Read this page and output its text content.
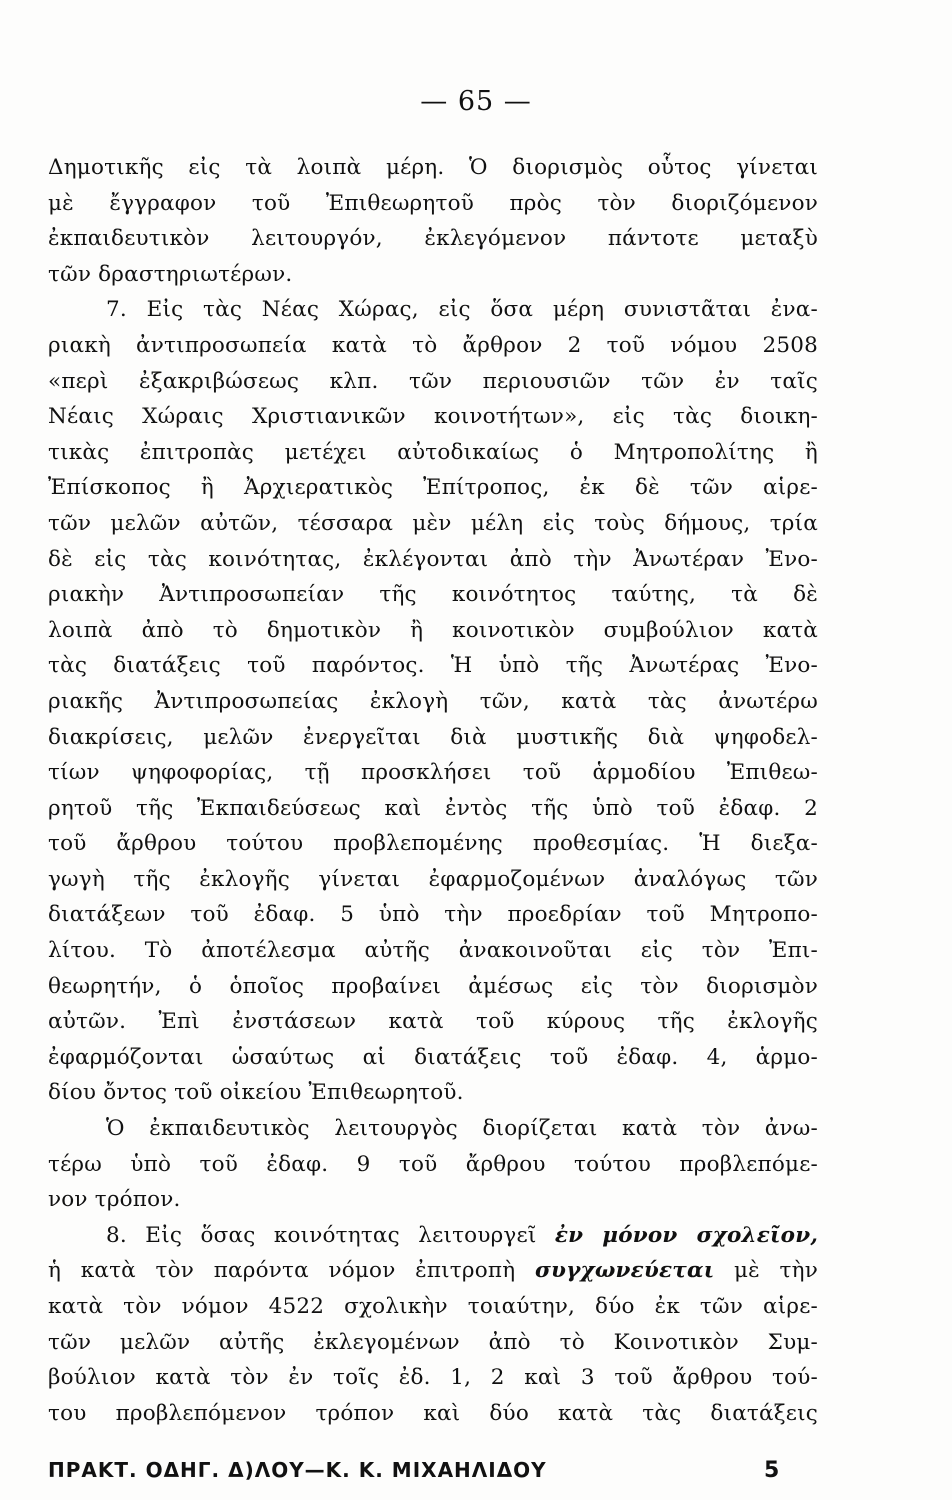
— 65 —

Δημοτικῆς εἰς τὰ λοιπὰ μέρη. Ὁ διορισμὸς οὗτος γίνεται
μὲ ἔγγραφον τοῦ Ἐπιθεωρητοῦ πρὸς τὸν διοριζόμενον
ἐκπαιδευτικὸν λειτουργόν, ἐκλεγόμενον πάντοτε μεταξὺ
τῶν δραστηριωτέρων.

7. Εἰς τὰς Νέας Χώρας, εἰς ὅσα μέρη συνιστᾶται ἐνα-
ριακὴ ἀντιπροσωπεία κατὰ τὸ ἄρθρον 2 τοῦ νόμου 2508
«περὶ ἐξακριβώσεως κλπ. τῶν περιουσιῶν τῶν ἐν ταῖς
Νέαις Χώραις Χριστιανικῶν κοινοτήτων», εἰς τὰς διοικη-
τικὰς ἐπιτροπὰς μετέχει αὐτοδικαίως ὁ Μητροπολίτης ἢ
Ἐπίσκοπος ἢ Ἀρχιερατικὸς Ἐπίτροπος, ἐκ δὲ τῶν αἱρε-
τῶν μελῶν αὐτῶν, τέσσαρα μὲν μέλη εἰς τοὺς δήμους, τρία
δὲ εἰς τὰς κοινότητας, ἐκλέγονται ἀπὸ τὴν Ἀνωτέραν Ἐνο-
ριακὴν Ἀντιπροσωπείαν τῆς κοινότητος ταύτης, τὰ δὲ
λοιπὰ ἀπὸ τὸ δημοτικὸν ἢ κοινοτικὸν συμβούλιον κατὰ
τὰς διατάξεις τοῦ παρόντος. Ἡ ὑπὸ τῆς Ἀνωτέρας Ἐνο-
ριακῆς Ἀντιπροσωπείας ἐκλογὴ τῶν, κατὰ τὰς ἀνωτέρω
διακρίσεις, μελῶν ἐνεργεῖται διὰ μυστικῆς διὰ ψηφοδελ-
τίων ψηφοφορίας, τῇ προσκλήσει τοῦ ἁρμοδίου Ἐπιθεω-
ρητοῦ τῆς Ἐκπαιδεύσεως καὶ ἐντὸς τῆς ὑπὸ τοῦ ἐδαφ. 2
τοῦ ἄρθρου τούτου προβλεπομένης προθεσμίας. Ἡ διεξα-
γωγὴ τῆς ἐκλογῆς γίνεται ἐφαρμοζομένων ἀναλόγως τῶν
διατάξεων τοῦ ἐδαφ. 5 ὑπὸ τὴν προεδρίαν τοῦ Μητροπο-
λίτου. Τὸ ἀποτέλεσμα αὐτῆς ἀνακοινοῦται εἰς τὸν Ἐπι-
θεωρητήν, ὁ ὁποῖος προβαίνει ἀμέσως εἰς τὸν διορισμὸν
αὐτῶν. Ἐπὶ ἐνστάσεων κατὰ τοῦ κύρους τῆς ἐκλογῆς
ἐφαρμόζονται ὡσαύτως αἱ διατάξεις τοῦ ἐδαφ. 4, ἁρμο-
δίου ὄντος τοῦ οἰκείου Ἐπιθεωρητοῦ.

Ὁ ἐκπαιδευτικὸς λειτουργὸς διορίζεται κατὰ τὸν ἀνω-
τέρω ὑπὸ τοῦ ἐδαφ. 9 τοῦ ἄρθρου τούτου προβλεπόμε-
νον τρόπον.

8. Εἰς ὅσας κοινότητας λειτουργεῖ ἐν μόνον σχολεῖον,
ἡ κατὰ τὸν παρόντα νόμον ἐπιτροπὴ συγχωνεύεται μὲ τὴν
κατὰ τὸν νόμον 4522 σχολικὴν τοιαύτην, δύο ἐκ τῶν αἱρε-
τῶν μελῶν αὐτῆς ἐκλεγομένων ἀπὸ τὸ Κοινοτικὸν Συμ-
βούλιον κατὰ τὸν ἐν τοῖς ἐδ. 1, 2 καὶ 3 τοῦ ἄρθρου τού-
του προβλεπόμενον τρόπον καὶ δύο κατὰ τὰς διατάξεις

ΠΡΑΚΤ. ΟΔΗΓ. Δ)ΛΟΥ—Κ. Κ. ΜΙΧΑΗΛΙΔΟΥ	5
